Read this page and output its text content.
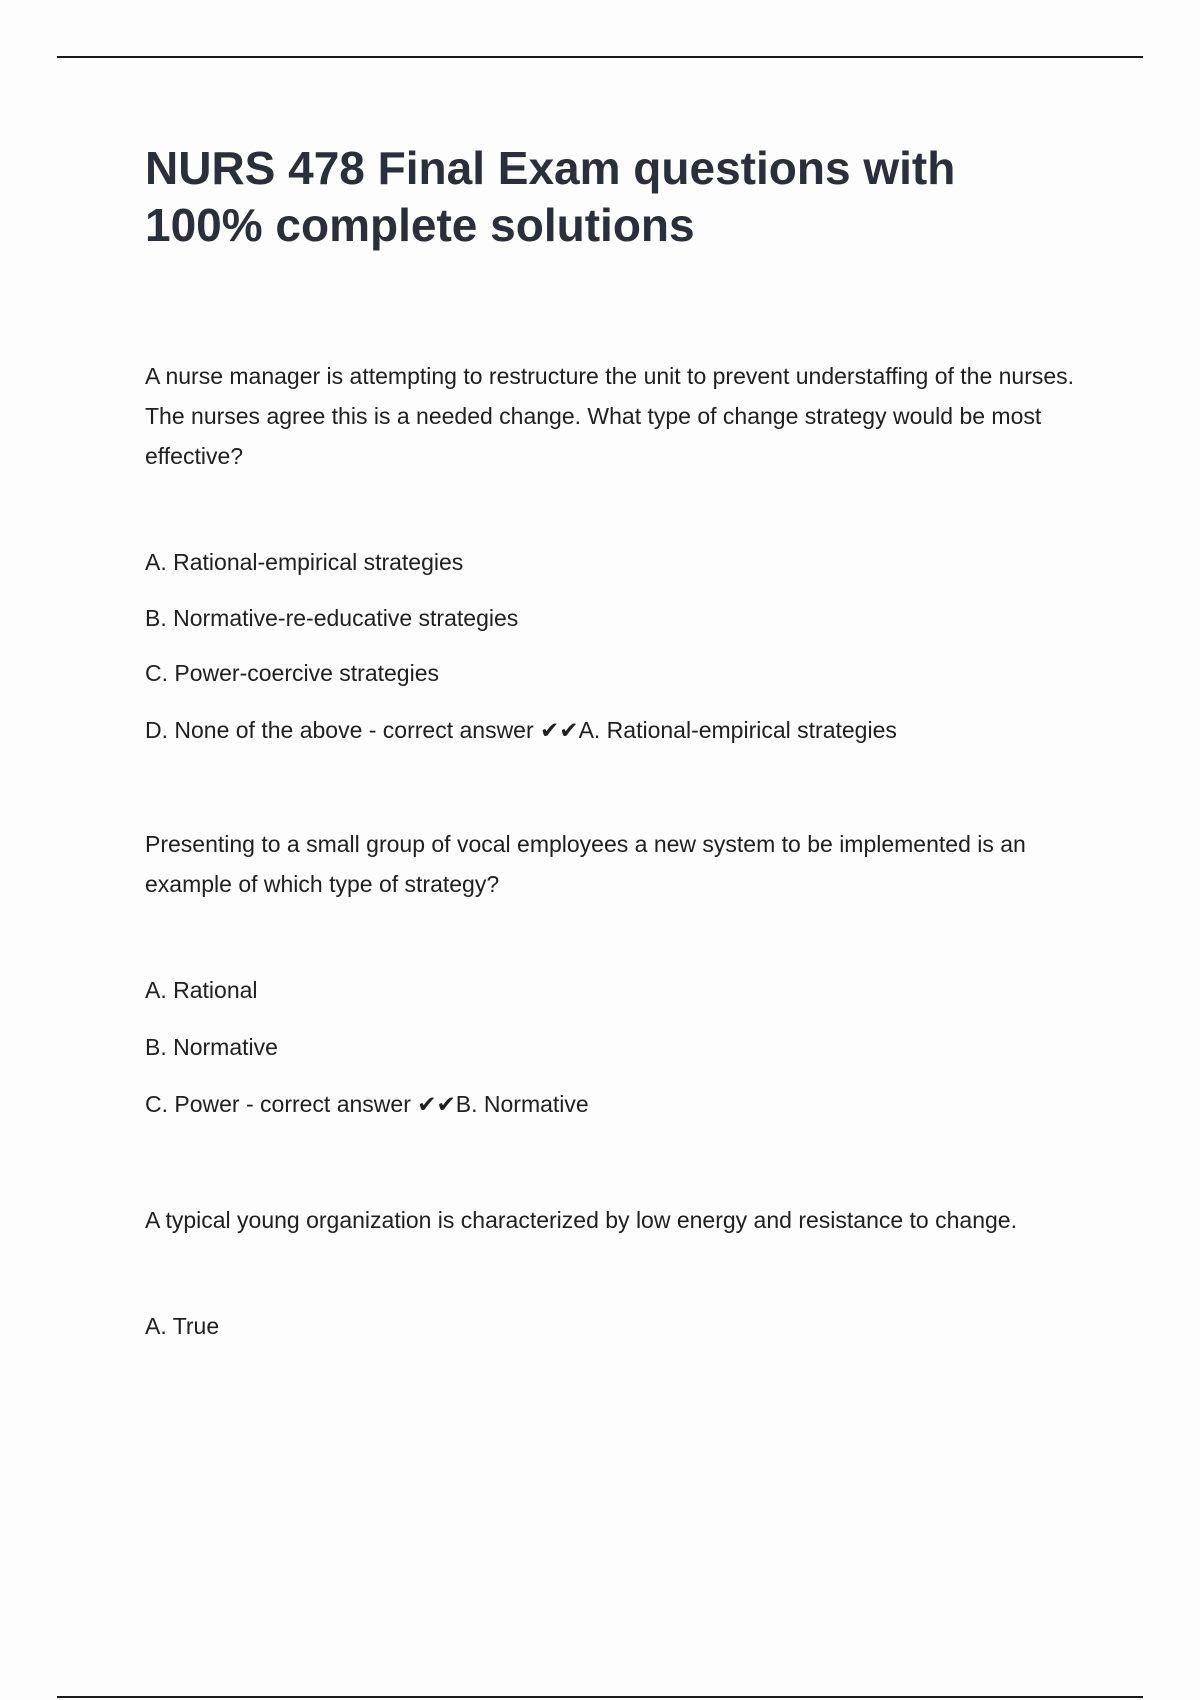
NURS 478 Final Exam questions with 100% complete solutions

A nurse manager is attempting to restructure the unit to prevent understaffing of the nurses. The nurses agree this is a needed change. What type of change strategy would be most effective?

A. Rational-empirical strategies

B. Normative-re-educative strategies

C. Power-coercive strategies

D. None of the above - correct answer ✔✔A. Rational-empirical strategies

Presenting to a small group of vocal employees a new system to be implemented is an example of which type of strategy?

A. Rational

B. Normative

C. Power - correct answer ✔✔B. Normative

A typical young organization is characterized by low energy and resistance to change.

A. True
